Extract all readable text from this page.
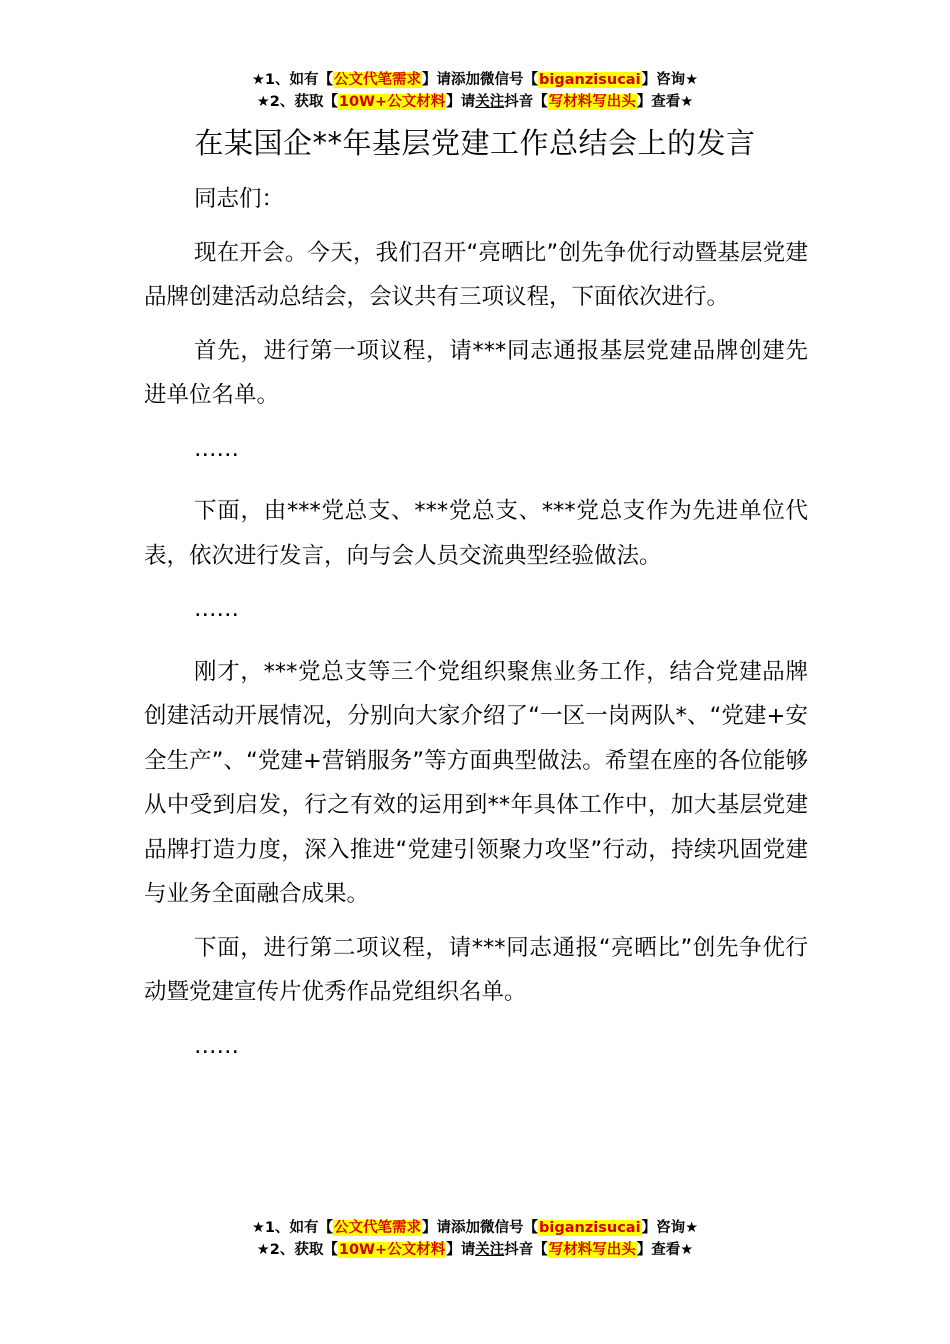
★1、如有【公文代笔需求】请添加微信号【biganzisucai】咨询★
★2、获取【10W+公文材料】请关注抖音【写材料写出头】查看★
在某国企**年基层党建工作总结会上的发言

同志们：

现在开会。今天，我们召开“亮晒比”创先争优行动暨基层党建品牌创建活动总结会，会议共有三项议程，下面依次进行。

首先，进行第一项议程，请***同志通报基层党建品牌创建先进单位名单。

……

下面，由***党总支、***党总支、***党总支作为先进单位代表，依次进行发言，向与会人员交流典型经验做法。

……

刚才，***党总支等三个党组织聚焦业务工作，结合党建品牌创建活动开展情况，分别向大家介绍了“一区一岗两队*、“党建+安全生产”、“党建+营销服务”等方面典型做法。希望在座的各位能够从中受到启发，行之有效的运用到**年具体工作中，加大基层党建品牌打造力度，深入推进“党建引领聚力攻坚”行动，持续巩固党建与业务全面融合成果。

下面，进行第二项议程，请***同志通报“亮晒比”创先争优行动暨党建宣传片优秀作品党组织名单。

……

★1、如有【公文代笔需求】请添加微信号【biganzisucai】咨询★
★2、获取【10W+公文材料】请关注抖音【写材料写出头】查看★
